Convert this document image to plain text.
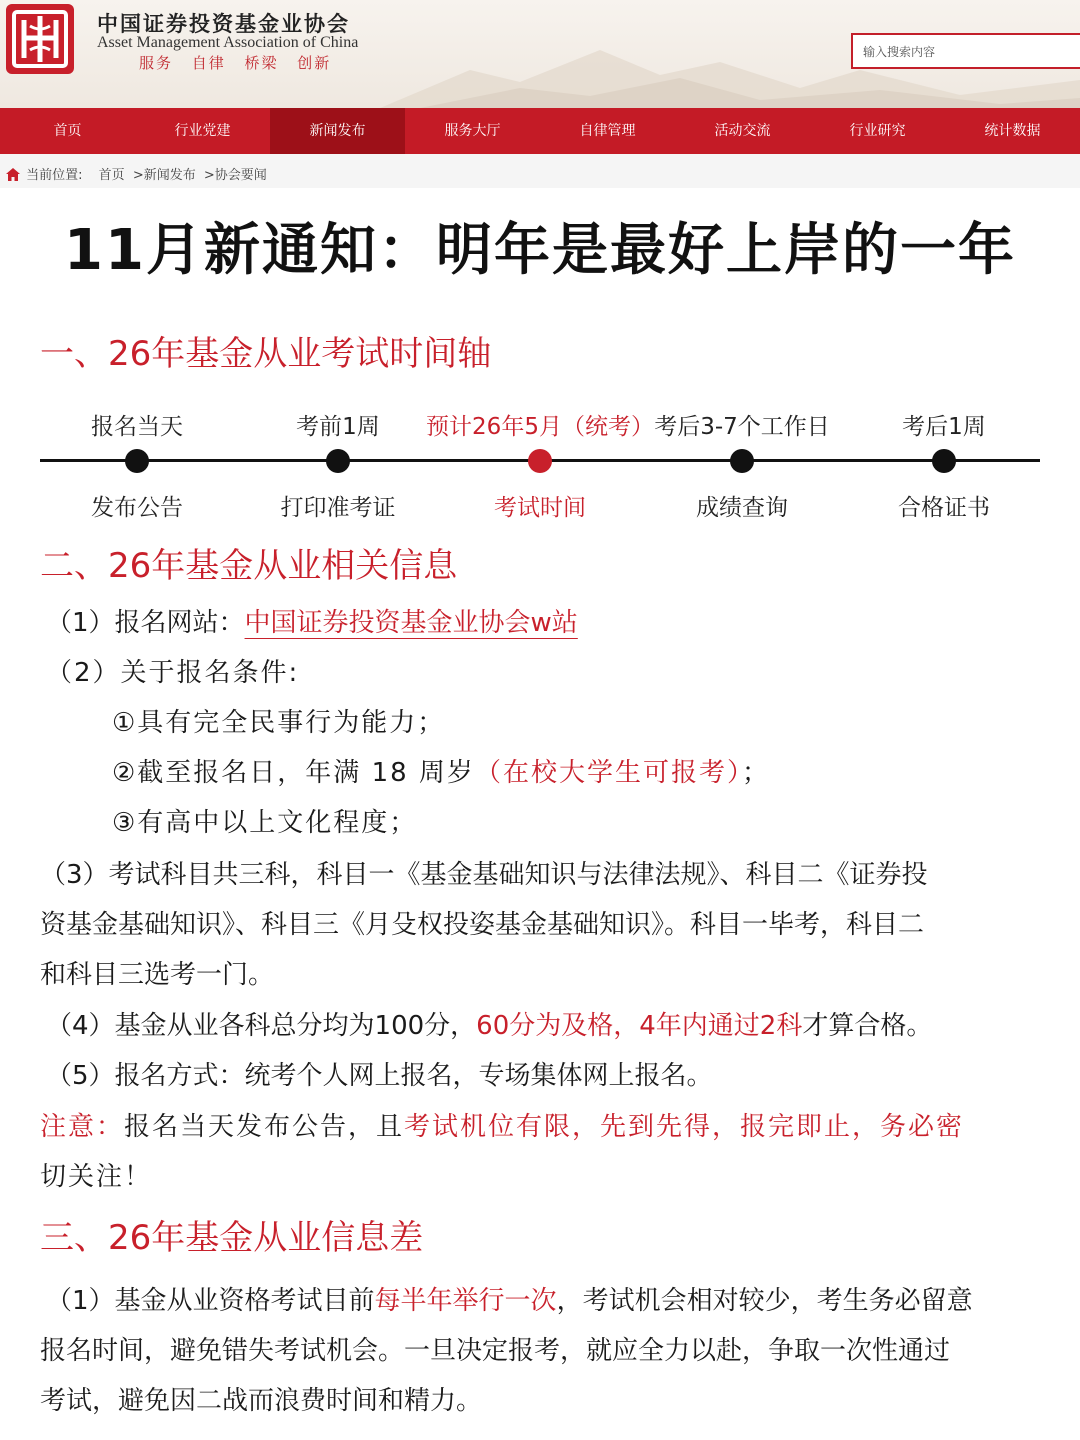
中国证券投资基金业协会
Asset Management Association of China
服务 自律 桥梁 创新
输入搜索内容
首页	行业党建	新闻发布	服务大厅	自律管理	活动交流	行业研究	统计数据
当前位置: 首页 >新闻发布 >协会要闻
11月新通知：明年是最好上岸的一年
一、26年基金从业考试时间轴
报名当天
发布公告
考前1周
打印准考证
预计26年5月（统考）
考试时间
考后3-7个工作日
成绩查询
考后1周
合格证书
二、26年基金从业相关信息
（1）报名网站：中国证券投资基金业协会w站
（2）关于报名条件:
①具有完全民事行为能力；
②截至报名日，年满 18 周岁（在校大学生可报考）；
③有高中以上文化程度；
（3）考试科目共三科，科目一《基金基础知识与法律法规》、科目二《证券投
资基金基础知识》、科目三《月殳权投姿基金基础知识》。科目一毕考，科目二
和科目三选考一门。
（4）基金从业各科总分均为100分，60分为及格，4年内通过2科才算合格。
（5）报名方式：统考个人网上报名，专场集体网上报名。
注意：报名当天发布公告，且考试机位有限，先到先得，报完即止，务必密
切关注！
三、26年基金从业信息差
（1）基金从业资格考试目前每半年举行一次，考试机会相对较少，考生务必留意
报名时间，避免错失考试机会。一旦决定报考，就应全力以赴，争取一次性通过
考试，避免因二战而浪费时间和精力。
